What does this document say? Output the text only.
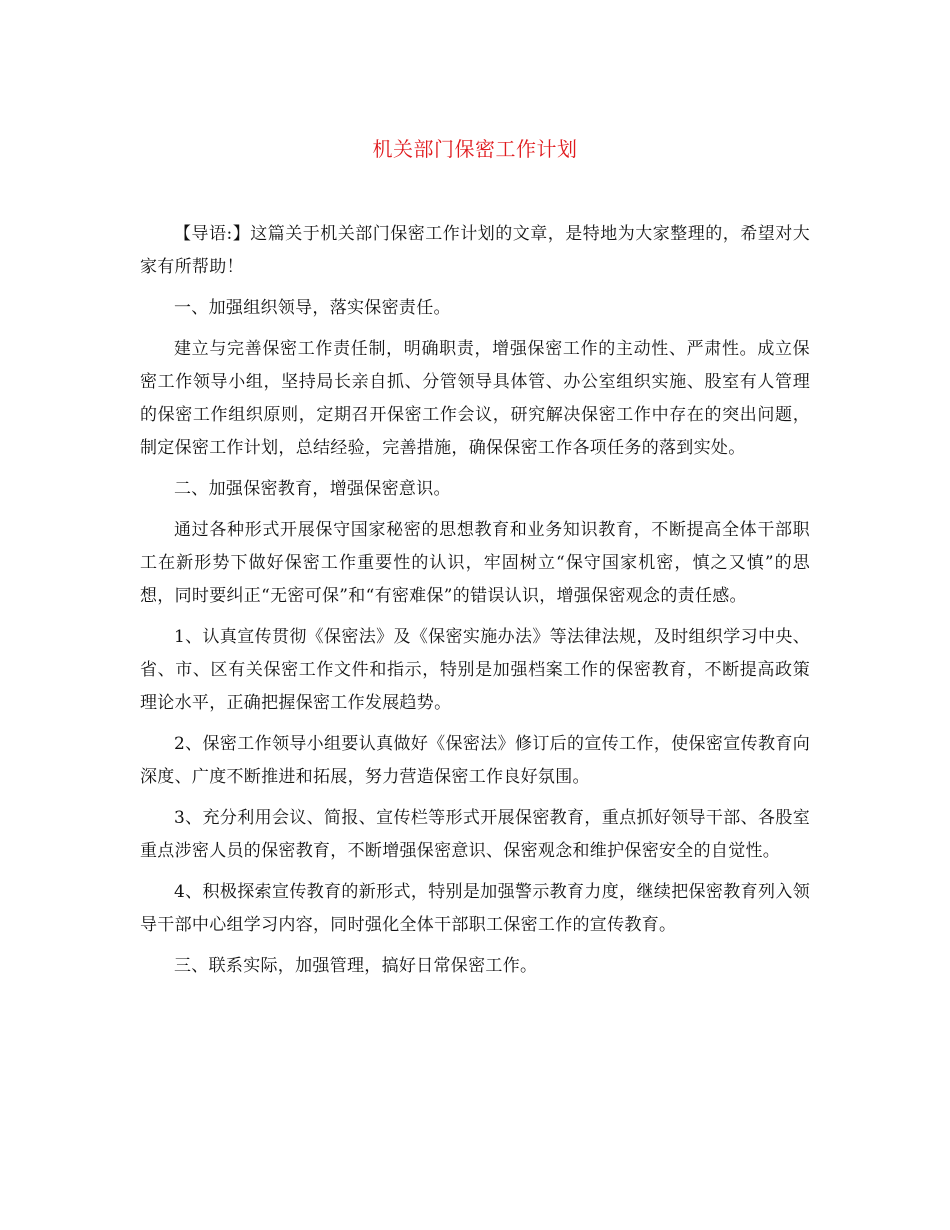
机关部门保密工作计划

【导语:】这篇关于机关部门保密工作计划的文章，是特地为大家整理的，希望对大家有所帮助！

一、加强组织领导，落实保密责任。

建立与完善保密工作责任制，明确职责，增强保密工作的主动性、严肃性。成立保密工作领导小组，坚持局长亲自抓、分管领导具体管、办公室组织实施、股室有人管理的保密工作组织原则，定期召开保密工作会议，研究解决保密工作中存在的突出问题，制定保密工作计划，总结经验，完善措施，确保保密工作各项任务的落到实处。

二、加强保密教育，增强保密意识。

通过各种形式开展保守国家秘密的思想教育和业务知识教育，不断提高全体干部职工在新形势下做好保密工作重要性的认识，牢固树立“保守国家机密，慎之又慎”的思想，同时要纠正“无密可保”和“有密难保”的错误认识，增强保密观念的责任感。

1、认真宣传贯彻《保密法》及《保密实施办法》等法律法规，及时组织学习中央、省、市、区有关保密工作文件和指示，特别是加强档案工作的保密教育，不断提高政策理论水平，正确把握保密工作发展趋势。

2、保密工作领导小组要认真做好《保密法》修订后的宣传工作，使保密宣传教育向深度、广度不断推进和拓展，努力营造保密工作良好氛围。

3、充分利用会议、简报、宣传栏等形式开展保密教育，重点抓好领导干部、各股室重点涉密人员的保密教育，不断增强保密意识、保密观念和维护保密安全的自觉性。

4、积极探索宣传教育的新形式，特别是加强警示教育力度，继续把保密教育列入领导干部中心组学习内容，同时强化全体干部职工保密工作的宣传教育。

三、联系实际，加强管理，搞好日常保密工作。
